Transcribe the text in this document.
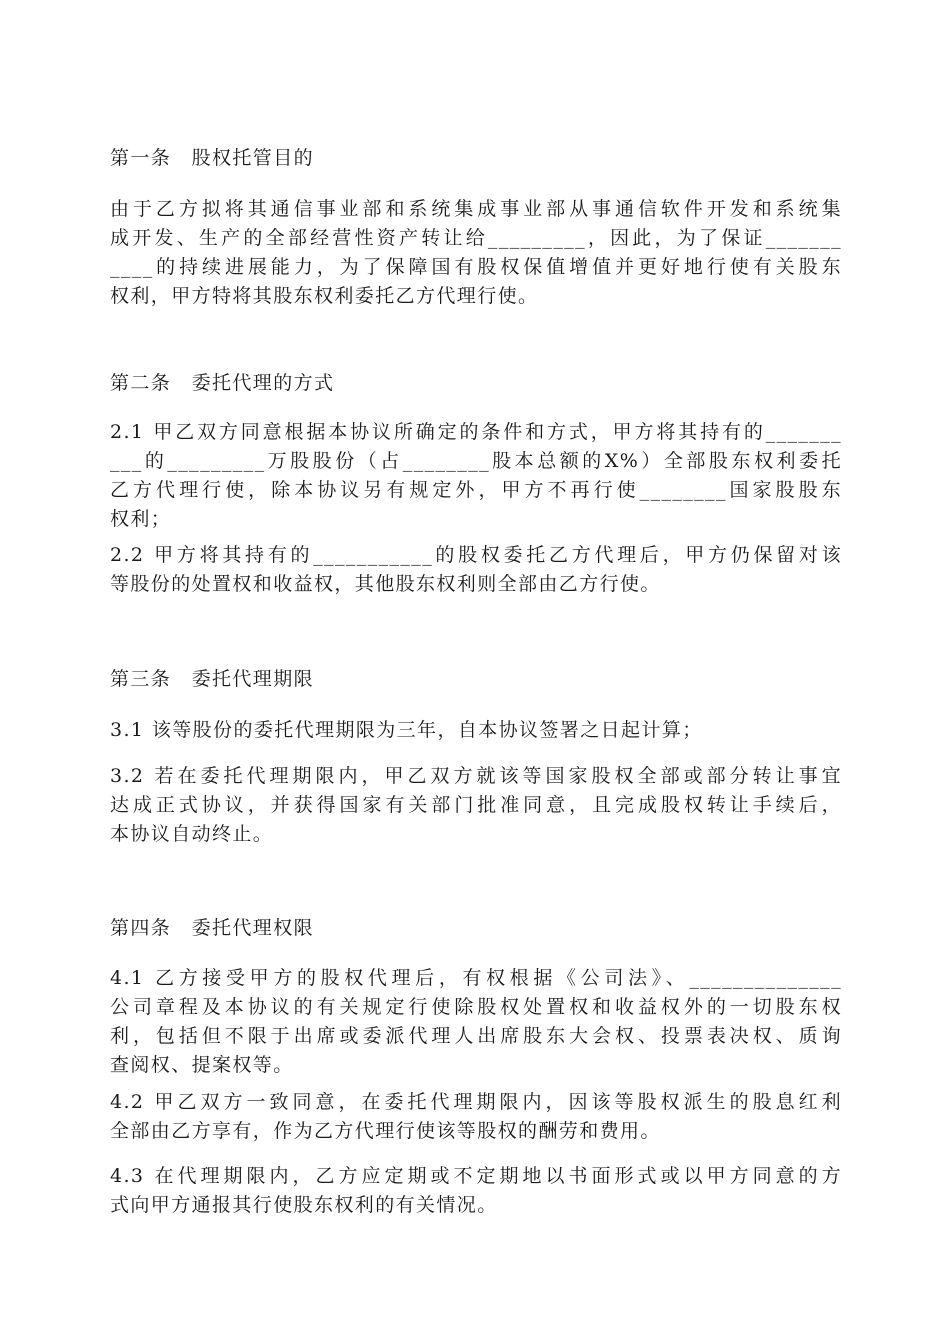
第一条　股权托管目的
由于乙方拟将其通信事业部和系统集成事业部从事通信软件开发和系统集
成开发、生产的全部经营性资产转让给_________，因此，为了保证_______
____的持续进展能力，为了保障国有股权保值增值并更好地行使有关股东
权利，甲方特将其股东权利委托乙方代理行使。
第二条　委托代理的方式
2.1 甲乙双方同意根据本协议所确定的条件和方式，甲方将其持有的_______
___的_________万股股份（占________股本总额的X%）全部股东权利委托
乙方代理行使，除本协议另有规定外，甲方不再行使________国家股股东
权利；
2.2 甲方将其持有的___________的股权委托乙方代理后，甲方仍保留对该
等股份的处置权和收益权，其他股东权利则全部由乙方行使。
第三条　委托代理期限
3.1 该等股份的委托代理期限为三年，自本协议签署之日起计算；
3.2 若在委托代理期限内，甲乙双方就该等国家股权全部或部分转让事宜
达成正式协议，并获得国家有关部门批准同意，且完成股权转让手续后，
本协议自动终止。
第四条　委托代理权限
4.1 乙方接受甲方的股权代理后，有权根据《公司法》、______________
公司章程及本协议的有关规定行使除股权处置权和收益权外的一切股东权
利，包括但不限于出席或委派代理人出席股东大会权、投票表决权、质询
查阅权、提案权等。
4.2 甲乙双方一致同意，在委托代理期限内，因该等股权派生的股息红利
全部由乙方享有，作为乙方代理行使该等股权的酬劳和费用。
4.3 在代理期限内，乙方应定期或不定期地以书面形式或以甲方同意的方
式向甲方通报其行使股东权利的有关情况。
